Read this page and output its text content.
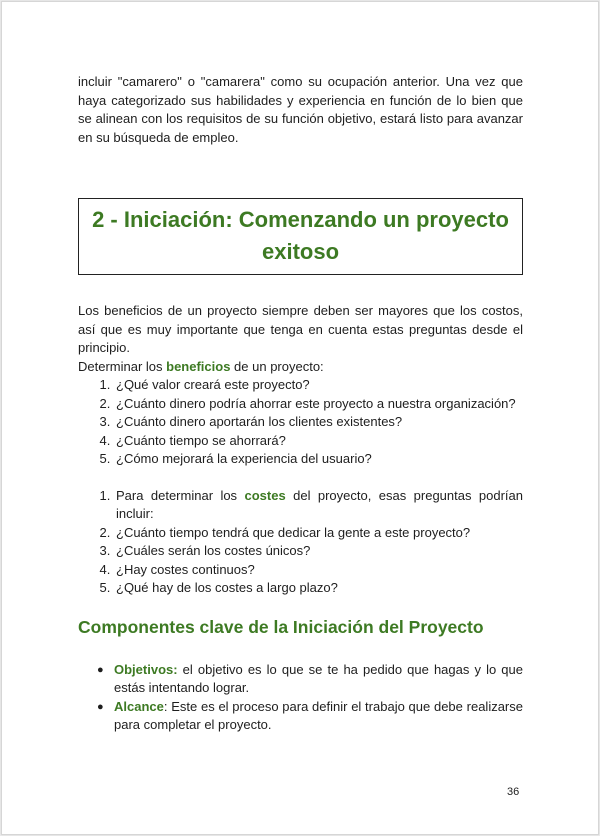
incluir "camarero" o "camarera" como su ocupación anterior. Una vez que haya categorizado sus habilidades y experiencia en función de lo bien que se alinean con los requisitos de su función objetivo, estará listo para avanzar en su búsqueda de empleo.

2 - Iniciación: Comenzando un proyecto exitoso

Los beneficios de un proyecto siempre deben ser mayores que los costos, así que es muy importante que tenga en cuenta estas preguntas desde el principio.

Determinar los beneficios de un proyecto:

1. ¿Qué valor creará este proyecto?
2. ¿Cuánto dinero podría ahorrar este proyecto a nuestra organización?
3. ¿Cuánto dinero aportarán los clientes existentes?
4. ¿Cuánto tiempo se ahorrará?
5. ¿Cómo mejorará la experiencia del usuario?
1. Para determinar los costes del proyecto, esas preguntas podrían incluir:
2. ¿Cuánto tiempo tendrá que dedicar la gente a este proyecto?
3. ¿Cuáles serán los costes únicos?
4. ¿Hay costes continuos?
5. ¿Qué hay de los costes a largo plazo?
Componentes clave de la Iniciación del Proyecto
● Objetivos: el objetivo es lo que se te ha pedido que hagas y lo que estás intentando lograr.
● Alcance: Este es el proceso para definir el trabajo que debe realizarse para completar el proyecto.
36
